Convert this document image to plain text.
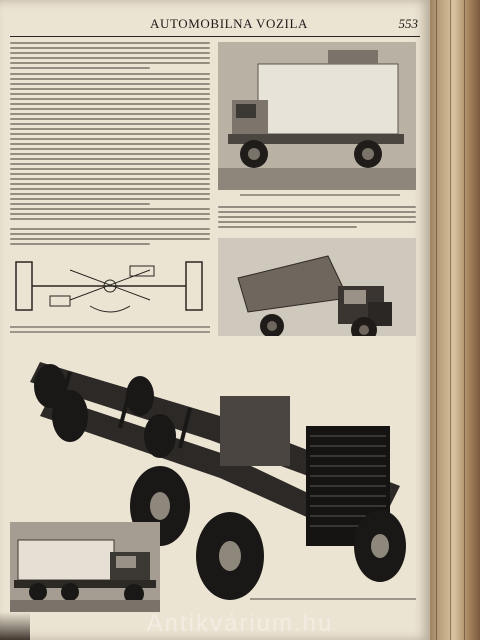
AUTOMOBILNA VOZILA	553
Antikvárium.hu
